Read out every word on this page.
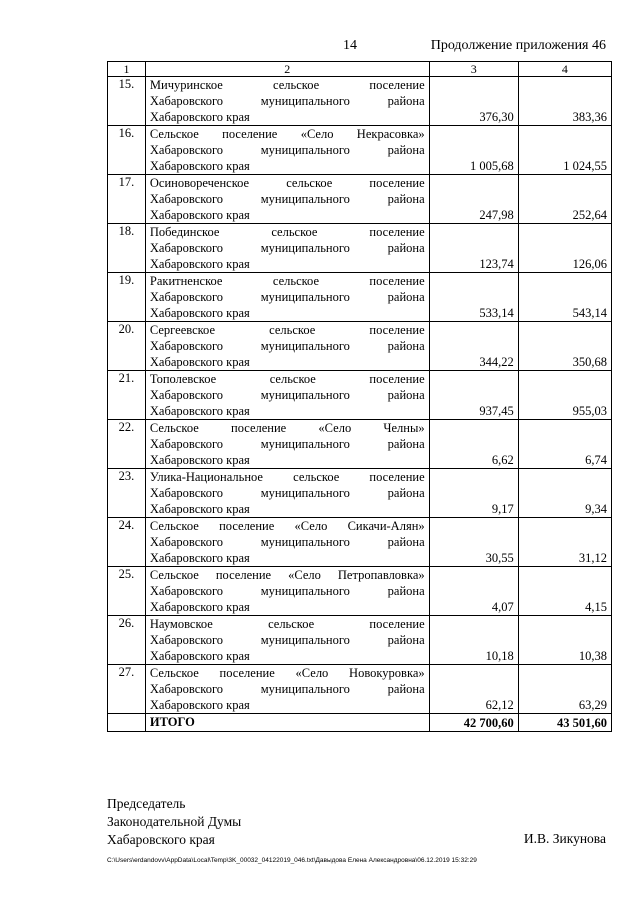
14	Продолжение приложения 46
1	2	3	4
15.	Мичуринское сельское поселение
Хабаровского муниципального района
Хабаровского края	376,30	383,36
16.	Сельское поселение «Село Некрасовка»
Хабаровского муниципального района
Хабаровского края	1 005,68	1 024,55
17.	Осиновореченское сельское поселение
Хабаровского муниципального района
Хабаровского края	247,98	252,64
18.	Побединское сельское поселение
Хабаровского муниципального района
Хабаровского края	123,74	126,06
19.	Ракитненское сельское поселение
Хабаровского муниципального района
Хабаровского края	533,14	543,14
20.	Сергеевское сельское поселение
Хабаровского муниципального района
Хабаровского края	344,22	350,68
21.	Тополевское сельское поселение
Хабаровского муниципального района
Хабаровского края	937,45	955,03
22.	Сельское поселение «Село Челны»
Хабаровского муниципального района
Хабаровского края	6,62	6,74
23.	Улика-Национальное сельское поселение
Хабаровского муниципального района
Хабаровского края	9,17	9,34
24.	Сельское поселение «Село Сикачи-Алян»
Хабаровского муниципального района
Хабаровского края	30,55	31,12
25.	Сельское поселение «Село Петропавловка»
Хабаровского муниципального района
Хабаровского края	4,07	4,15
26.	Наумовское сельское поселение
Хабаровского муниципального района
Хабаровского края	10,18	10,38
27.	Сельское поселение «Село Новокуровка»
Хабаровского муниципального района
Хабаровского края	62,12	63,29
	ИТОГО	42 700,60	43 501,60
Председатель
Законодательной Думы
Хабаровского края	И.В. Зикунова
C:\Users\erdandovv\AppData\Local\Temp\3K_00032_04122019_046.txt\Давыдова Елена Александровна\06.12.2019 15:32:29
